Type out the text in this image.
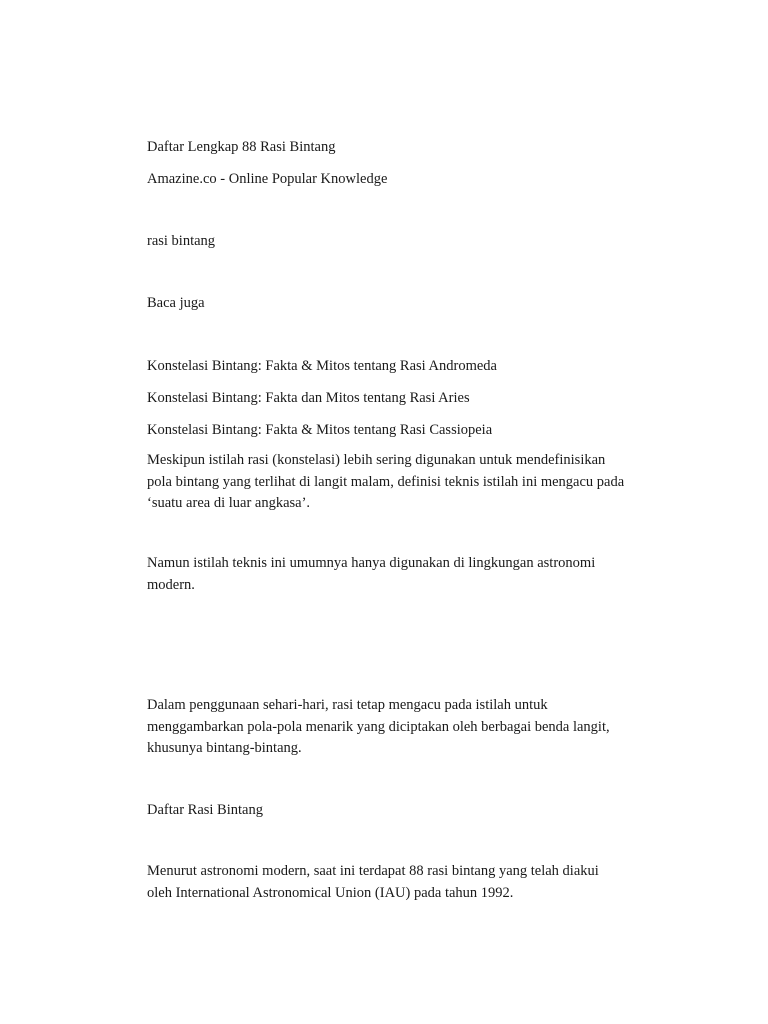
Daftar Lengkap 88 Rasi Bintang

Amazine.co - Online Popular Knowledge

rasi bintang

Baca juga

Konstelasi Bintang: Fakta & Mitos tentang Rasi Andromeda

Konstelasi Bintang: Fakta dan Mitos tentang Rasi Aries

Konstelasi Bintang: Fakta & Mitos tentang Rasi Cassiopeia

Meskipun istilah rasi (konstelasi) lebih sering digunakan untuk mendefinisikan
pola bintang yang terlihat di langit malam, definisi teknis istilah ini mengacu pada
‘suatu area di luar angkasa’.
Namun istilah teknis ini umumnya hanya digunakan di lingkungan astronomi
modern.
Dalam penggunaan sehari-hari, rasi tetap mengacu pada istilah untuk
menggambarkan pola-pola menarik yang diciptakan oleh berbagai benda langit,
khusunya bintang-bintang.

Daftar Rasi Bintang

Menurut astronomi modern, saat ini terdapat 88 rasi bintang yang telah diakui
oleh International Astronomical Union (IAU) pada tahun 1992.
